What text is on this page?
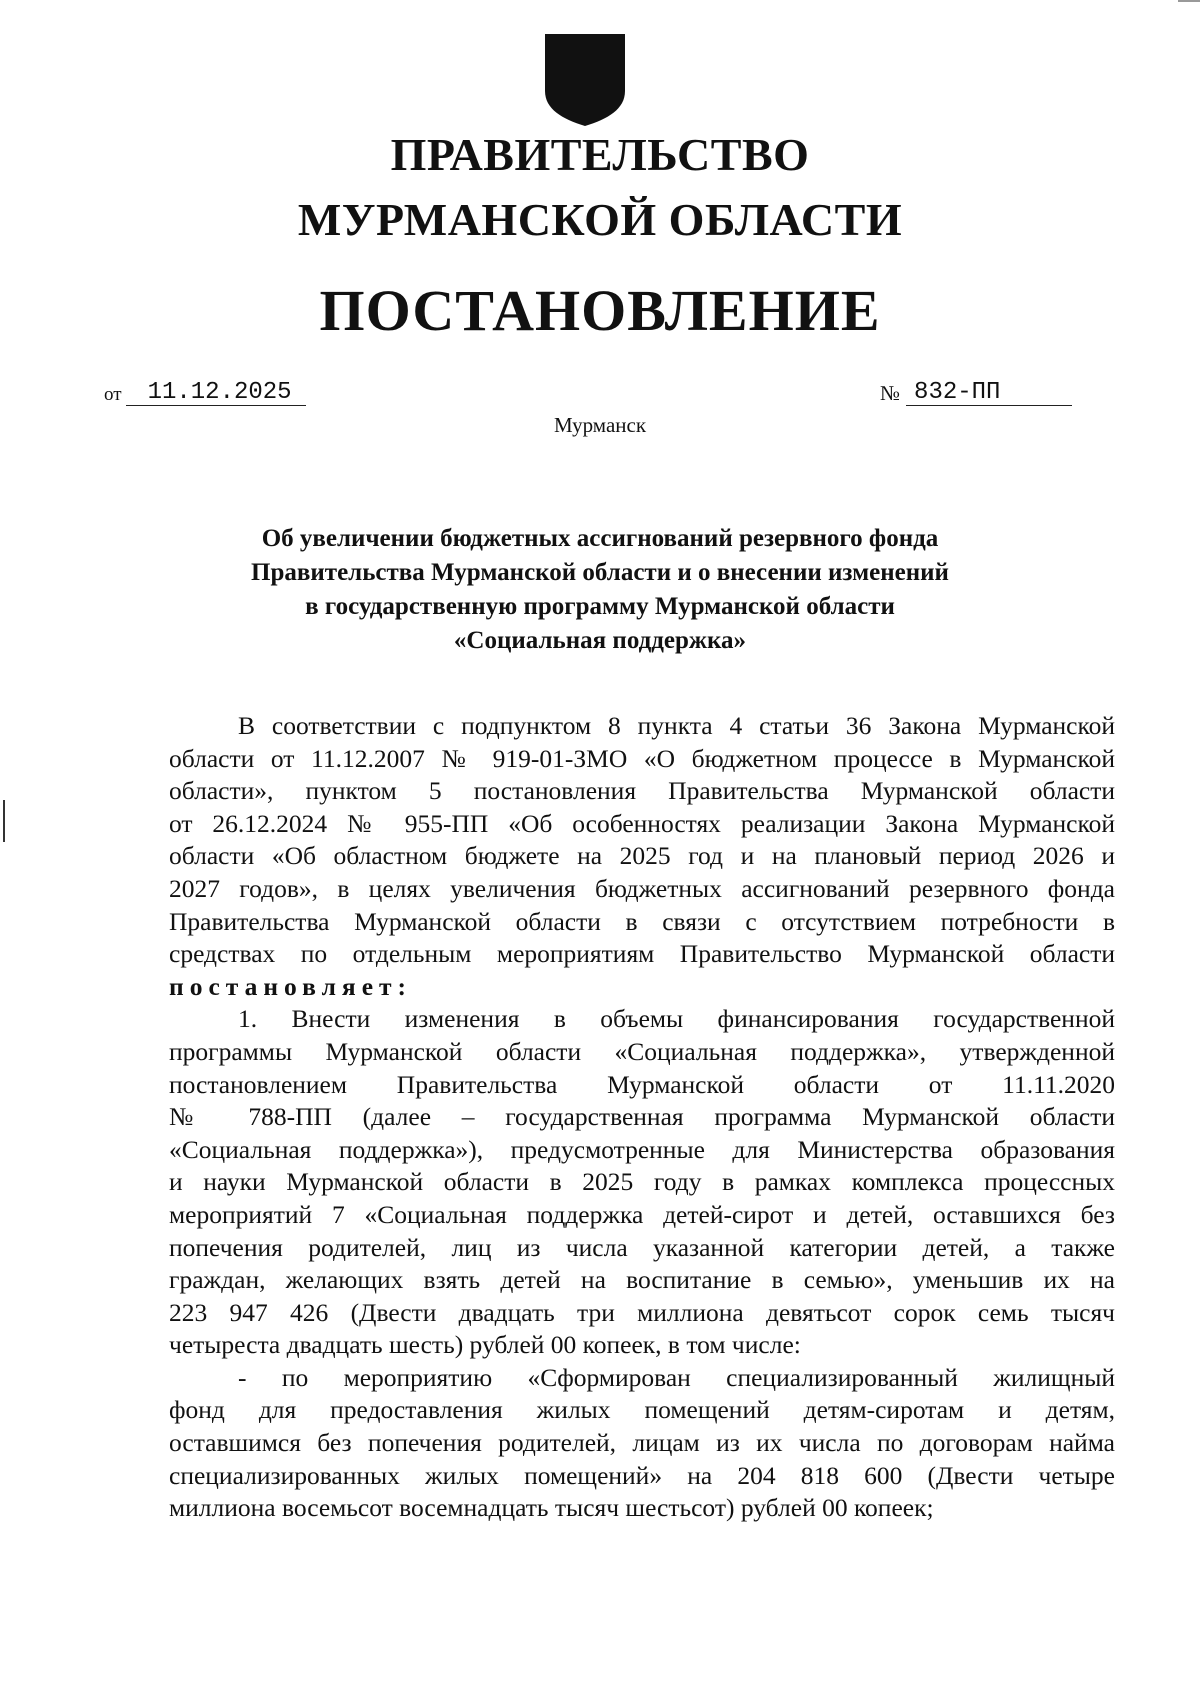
ПРАВИТЕЛЬСТВО
МУРМАНСКОЙ ОБЛАСТИ
ПОСТАНОВЛЕНИЕ
от	11.12.2025	№ 832-ПП
Мурманск
Об увеличении бюджетных ассигнований резервного фонда
Правительства Мурманской области и о внесении изменений
в государственную программу Мурманской области
«Социальная поддержка»
В соответствии с подпунктом 8 пункта 4 статьи 36 Закона Мурманской
области от 11.12.2007 № 919-01-ЗМО «О бюджетном процессе в Мурманской
области», пунктом 5 постановления Правительства Мурманской области
от 26.12.2024 № 955-ПП «Об особенностях реализации Закона Мурманской
области «Об областном бюджете на 2025 год и на плановый период 2026 и
2027 годов», в целях увеличения бюджетных ассигнований резервного фонда
Правительства Мурманской области в связи с отсутствием потребности в
средствах по отдельным мероприятиям Правительство Мурманской области
постановляет:
1. Внести изменения в объемы финансирования государственной
программы Мурманской области «Социальная поддержка», утвержденной
постановлением Правительства Мурманской области от 11.11.2020
№ 788-ПП (далее – государственная программа Мурманской области
«Социальная поддержка»), предусмотренные для Министерства образования
и науки Мурманской области в 2025 году в рамках комплекса процессных
мероприятий 7 «Социальная поддержка детей-сирот и детей, оставшихся без
попечения родителей, лиц из числа указанной категории детей, а также
граждан, желающих взять детей на воспитание в семью», уменьшив их на
223 947 426 (Двести двадцать три миллиона девятьсот сорок семь тысяч
четыреста двадцать шесть) рублей 00 копеек, в том числе:
- по мероприятию «Сформирован специализированный жилищный
фонд для предоставления жилых помещений детям-сиротам и детям,
оставшимся без попечения родителей, лицам из их числа по договорам найма
специализированных жилых помещений» на 204 818 600 (Двести четыре
миллиона восемьсот восемнадцать тысяч шестьсот) рублей 00 копеек;
